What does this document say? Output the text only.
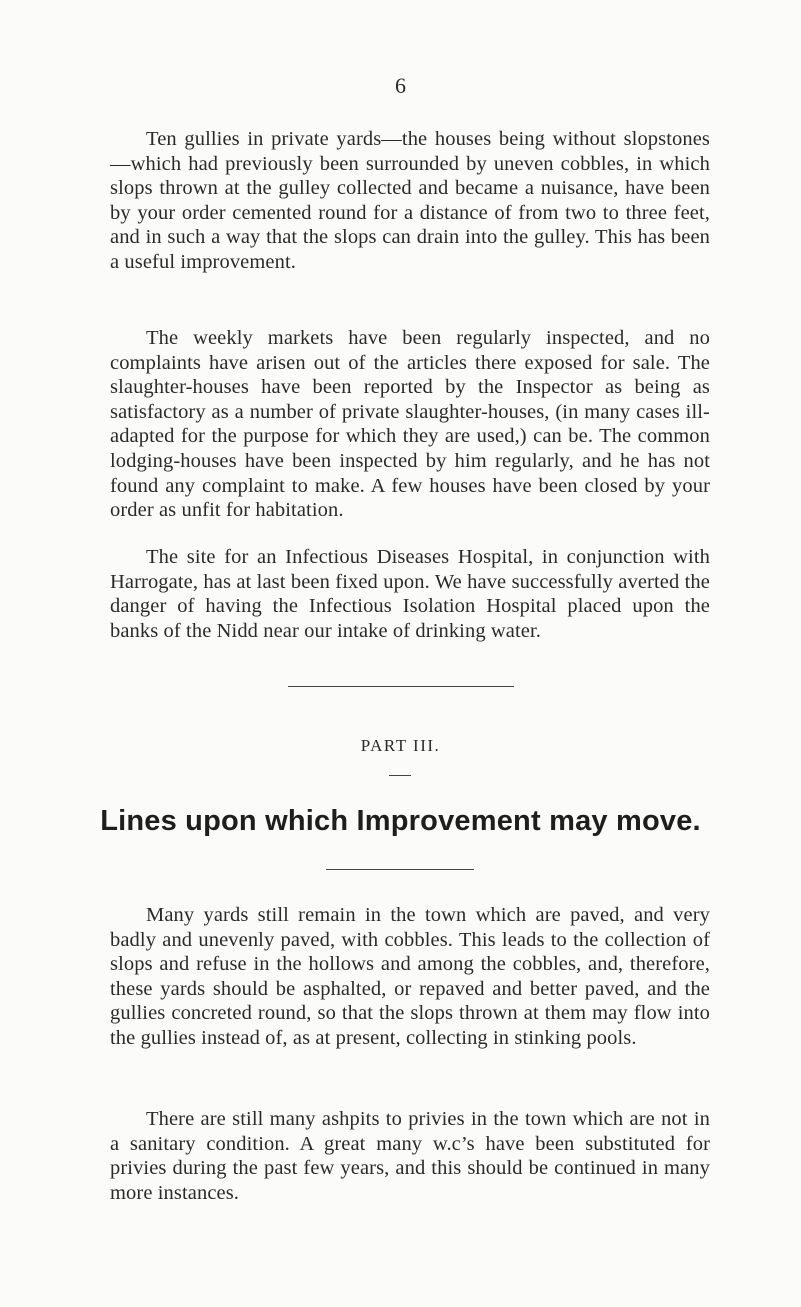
6

Ten gullies in private yards—the houses being without slopstones—which had previously been surrounded by uneven cobbles, in which slops thrown at the gulley collected and became a nuisance, have been by your order cemented round for a distance of from two to three feet, and in such a way that the slops can drain into the gulley. This has been a useful improvement.

The weekly markets have been regularly inspected, and no complaints have arisen out of the articles there exposed for sale. The slaughter-houses have been reported by the Inspector as being as satisfactory as a number of private slaughter-houses, (in many cases ill-adapted for the purpose for which they are used,) can be. The common lodging-houses have been inspected by him regularly, and he has not found any complaint to make. A few houses have been closed by your order as unfit for habitation.

The site for an Infectious Diseases Hospital, in conjunction with Harrogate, has at last been fixed upon. We have successfully averted the danger of having the Infectious Isolation Hospital placed upon the banks of the Nidd near our intake of drinking water.

PART III.
Lines upon which Improvement may move.

Many yards still remain in the town which are paved, and very badly and unevenly paved, with cobbles. This leads to the collection of slops and refuse in the hollows and among the cobbles, and, therefore, these yards should be asphalted, or repaved and better paved, and the gullies concreted round, so that the slops thrown at them may flow into the gullies instead of, as at present, collecting in stinking pools.

There are still many ashpits to privies in the town which are not in a sanitary condition. A great many w.c’s have been substituted for privies during the past few years, and this should be continued in many more instances.
